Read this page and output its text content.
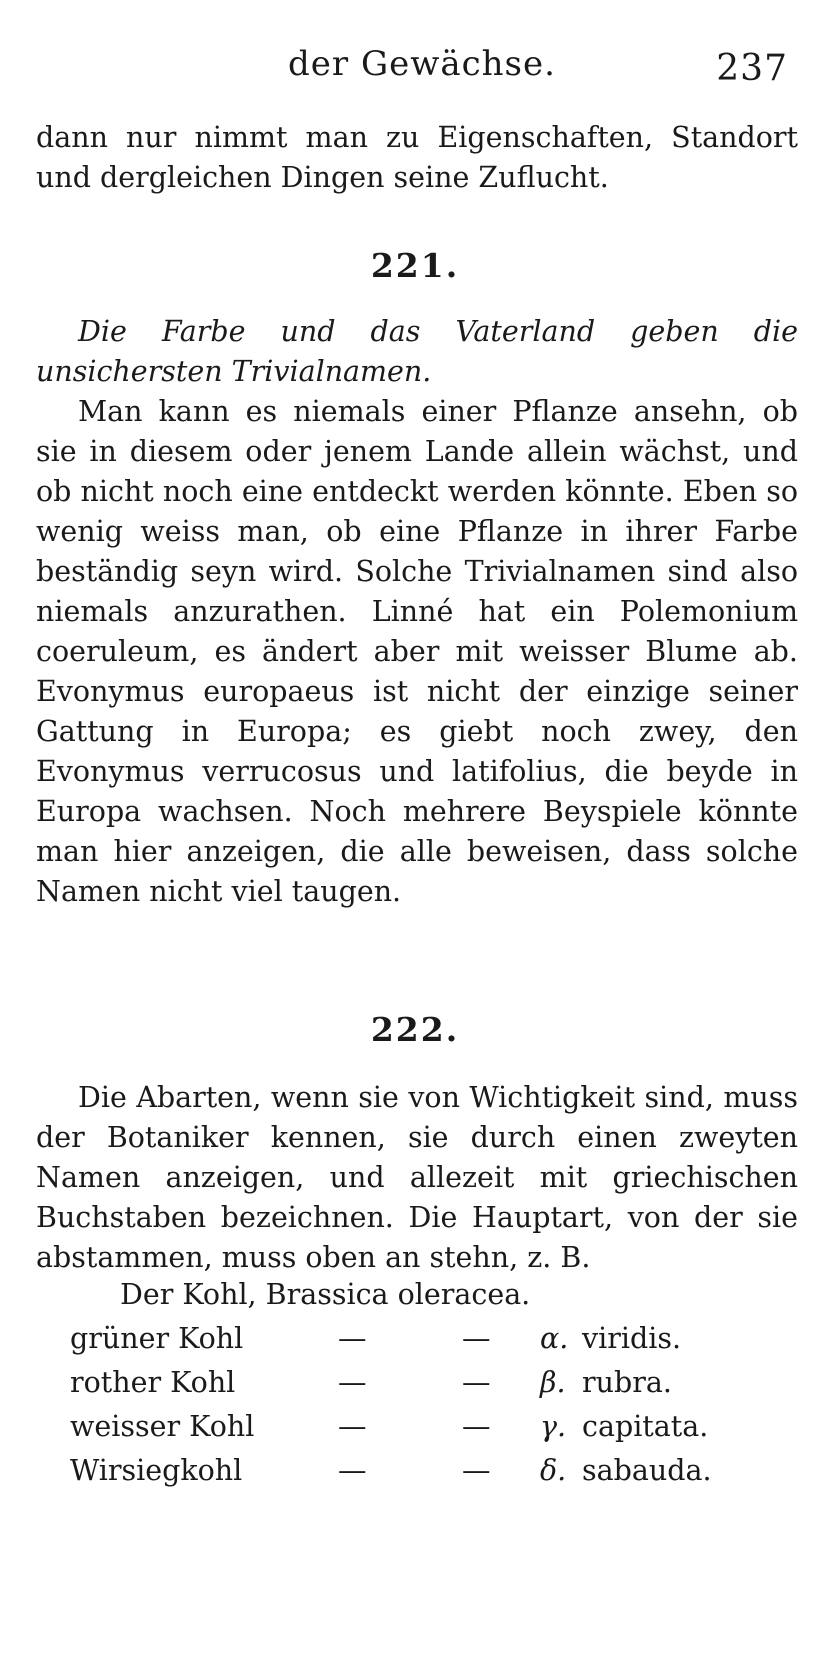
der Gewächse.	237

dann nur nimmt man zu Eigenschaften, Standort und dergleichen Dingen seine Zuflucht.

221.

Die Farbe und das Vaterland geben die unsichersten Trivialnamen.

Man kann es niemals einer Pflanze ansehn, ob sie in diesem oder jenem Lande allein wächst, und ob nicht noch eine entdeckt werden könnte. Eben so wenig weiss man, ob eine Pflanze in ihrer Farbe beständig seyn wird. Solche Trivialnamen sind also niemals anzurathen. Linné hat ein Polemonium coeruleum, es ändert aber mit weisser Blume ab. Evonymus europaeus ist nicht der einzige seiner Gattung in Europa; es giebt noch zwey, den Evonymus verrucosus und latifolius, die beyde in Europa wachsen. Noch mehrere Beyspiele könnte man hier anzeigen, die alle beweisen, dass solche Namen nicht viel taugen.

222.

Die Abarten, wenn sie von Wichtigkeit sind, muss der Botaniker kennen, sie durch einen zweyten Namen anzeigen, und allezeit mit griechischen Buchstaben bezeichnen. Die Hauptart, von der sie abstammen, muss oben an stehn, z. B.

Der Kohl, Brassica oleracea.
grüner Kohl	—	— α. viridis.
rother Kohl	—	— β. rubra.
weisser Kohl	—	— γ. capitata.
Wirsiegkohl	—	— δ. sabauda.
